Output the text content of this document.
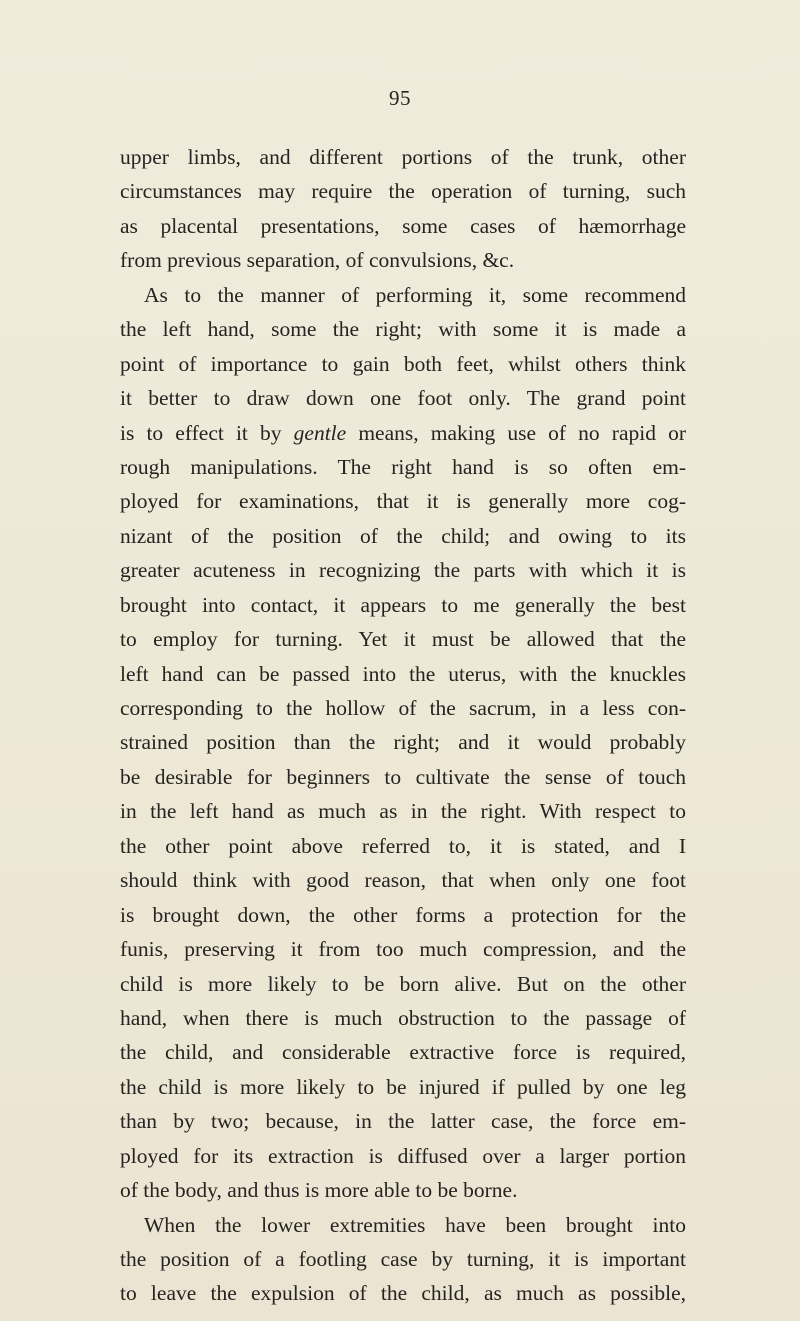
95
upper limbs, and different portions of the trunk, other
circumstances may require the operation of turning, such
as placental presentations, some cases of hæmorrhage
from previous separation, of convulsions, &c.
As to the manner of performing it, some recommend
the left hand, some the right; with some it is made a
point of importance to gain both feet, whilst others think
it better to draw down one foot only. The grand point
is to effect it by gentle means, making use of no rapid or
rough manipulations. The right hand is so often em-
ployed for examinations, that it is generally more cog-
nizant of the position of the child; and owing to its
greater acuteness in recognizing the parts with which it is
brought into contact, it appears to me generally the best
to employ for turning. Yet it must be allowed that the
left hand can be passed into the uterus, with the knuckles
corresponding to the hollow of the sacrum, in a less con-
strained position than the right; and it would probably
be desirable for beginners to cultivate the sense of touch
in the left hand as much as in the right. With respect to
the other point above referred to, it is stated, and I
should think with good reason, that when only one foot
is brought down, the other forms a protection for the
funis, preserving it from too much compression, and the
child is more likely to be born alive. But on the other
hand, when there is much obstruction to the passage of
the child, and considerable extractive force is required,
the child is more likely to be injured if pulled by one leg
than by two; because, in the latter case, the force em-
ployed for its extraction is diffused over a larger portion
of the body, and thus is more able to be borne.
When the lower extremities have been brought into
the position of a footling case by turning, it is important
to leave the expulsion of the child, as much as possible,
